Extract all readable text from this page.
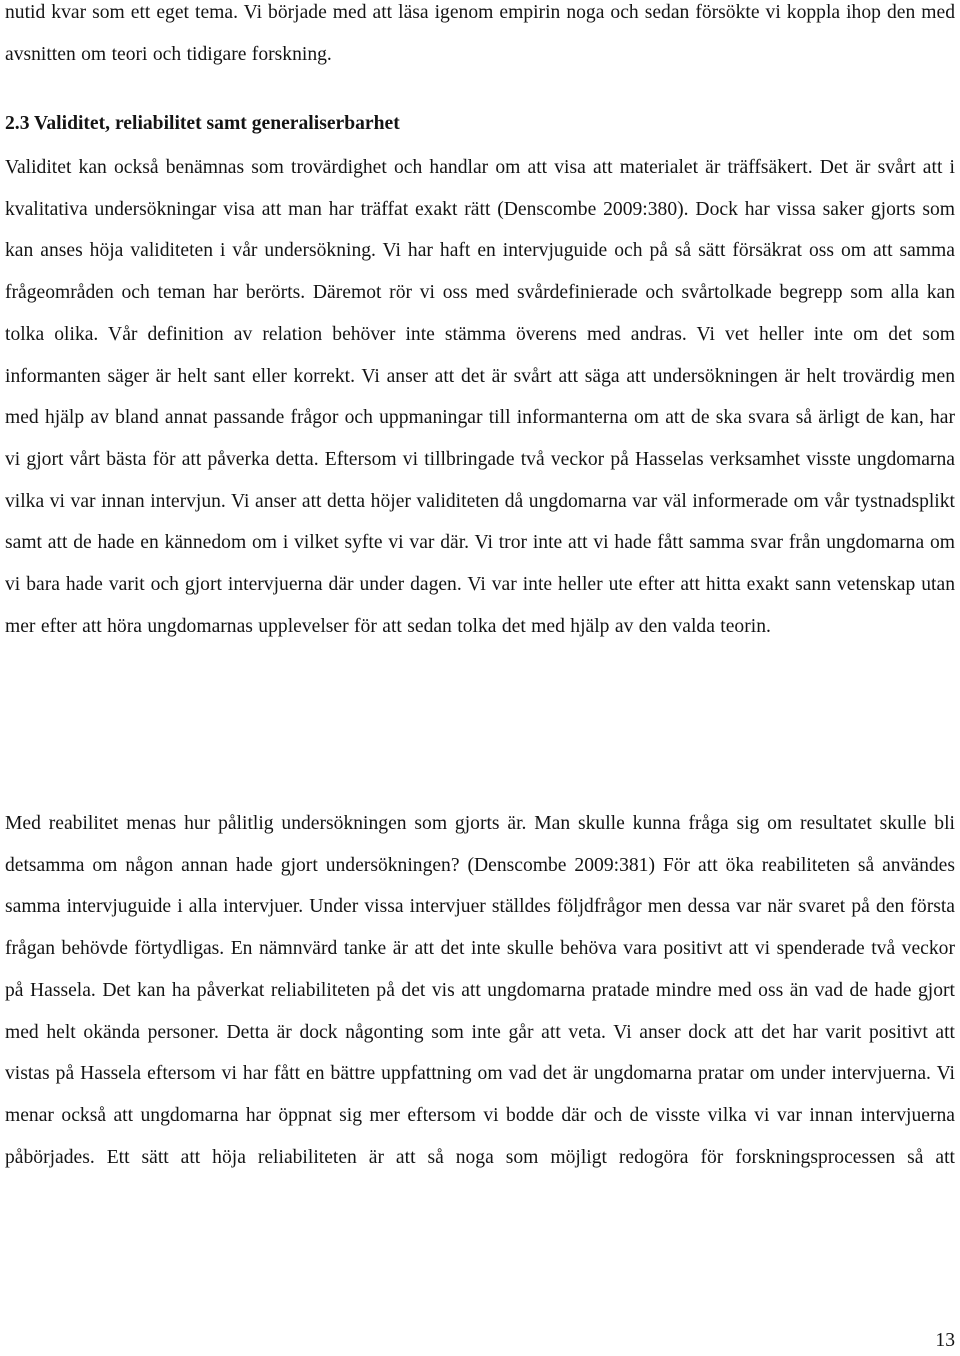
nutid kvar som ett eget tema. Vi började med att läsa igenom empirin noga och sedan försökte vi koppla ihop den med avsnitten om teori och tidigare forskning.

2.3 Validitet, reliabilitet samt generaliserbarhet

Validitet kan också benämnas som trovärdighet och handlar om att visa att materialet är träffsäkert. Det är svårt att i kvalitativa undersökningar visa att man har träffat exakt rätt (Denscombe 2009:380). Dock har vissa saker gjorts som kan anses höja validiteten i vår undersökning. Vi har haft en intervjuguide och på så sätt försäkrat oss om att samma frågeområden och teman har berörts. Däremot rör vi oss med svårdefinierade och svårtolkade begrepp som alla kan tolka olika. Vår definition av relation behöver inte stämma överens med andras. Vi vet heller inte om det som informanten säger är helt sant eller korrekt. Vi anser att det är svårt att säga att undersökningen är helt trovärdig men med hjälp av bland annat passande frågor och uppmaningar till informanterna om att de ska svara så ärligt de kan, har vi gjort vårt bästa för att påverka detta. Eftersom vi tillbringade två veckor på Hasselas verksamhet visste ungdomarna vilka vi var innan intervjun. Vi anser att detta höjer validiteten då ungdomarna var väl informerade om vår tystnadsplikt samt att de hade en kännedom om i vilket syfte vi var där. Vi tror inte att vi hade fått samma svar från ungdomarna om vi bara hade varit och gjort intervjuerna där under dagen. Vi var inte heller ute efter att hitta exakt sann vetenskap utan mer efter att höra ungdomarnas upplevelser för att sedan tolka det med hjälp av den valda teorin.

Med reabilitet menas hur pålitlig undersökningen som gjorts är. Man skulle kunna fråga sig om resultatet skulle bli detsamma om någon annan hade gjort undersökningen? (Denscombe 2009:381) För att öka reabiliteten så användes samma intervjuguide i alla intervjuer. Under vissa intervjuer ställdes följdfrågor men dessa var när svaret på den första frågan behövde förtydligas. En nämnvärd tanke är att det inte skulle behöva vara positivt att vi spenderade två veckor på Hassela. Det kan ha påverkat reliabiliteten på det vis att ungdomarna pratade mindre med oss än vad de hade gjort med helt okända personer. Detta är dock någonting som inte går att veta. Vi anser dock att det har varit positivt att vistas på Hassela eftersom vi har fått en bättre uppfattning om vad det är ungdomarna pratar om under intervjuerna. Vi menar också att ungdomarna har öppnat sig mer eftersom vi bodde där och de visste vilka vi var innan intervjuerna påbörjades. Ett sätt att höja reliabiliteten är att så noga som möjligt redogöra för forskningsprocessen så att

13
